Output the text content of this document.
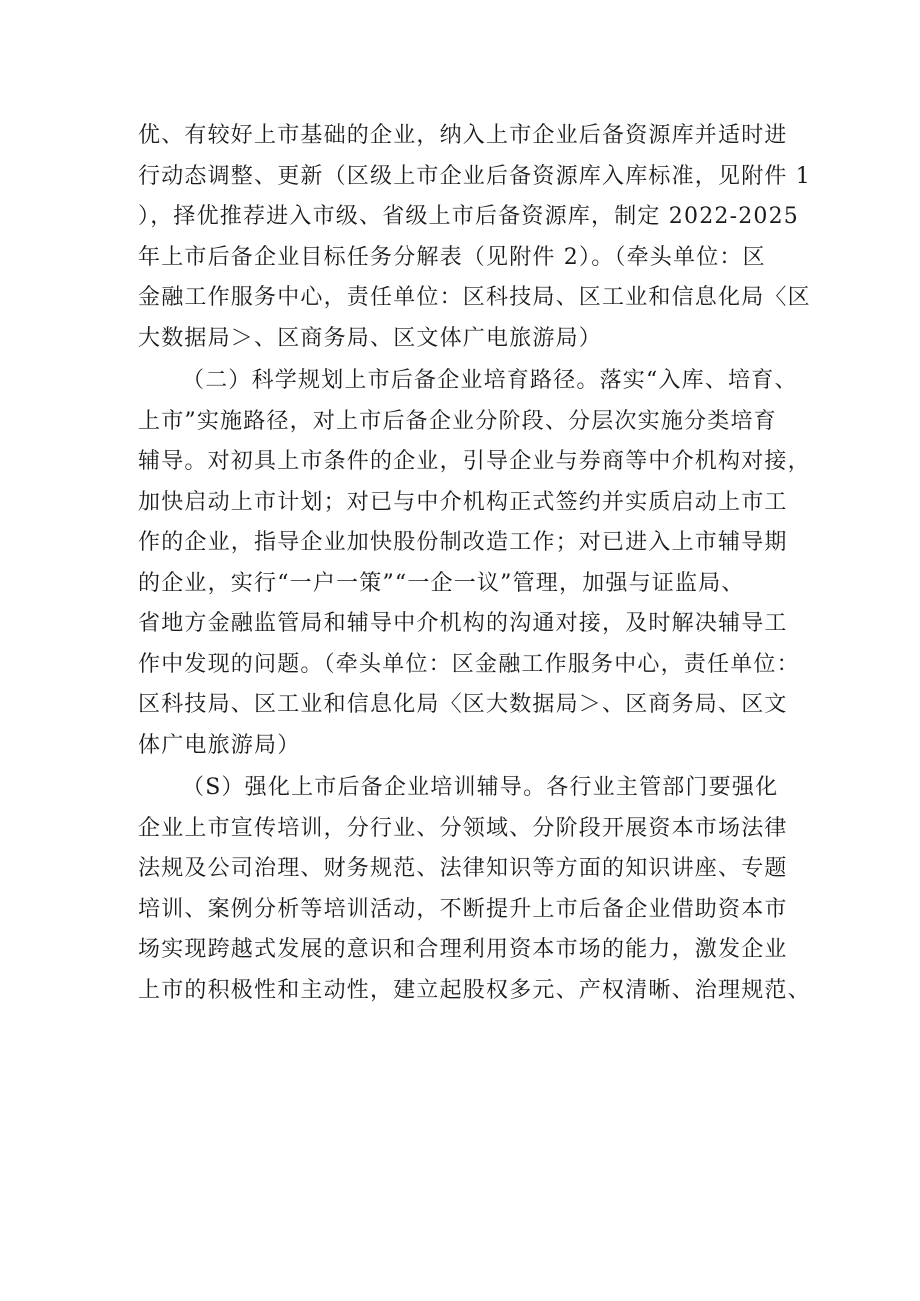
优、有较好上市基础的企业，纳入上市企业后备资源库并适时进
行动态调整、更新（区级上市企业后备资源库入库标准，见附件 1
），择优推荐进入市级、省级上市后备资源库，制定 2022-2025
年上市后备企业目标任务分解表（见附件 2）。（牵头单位：区
金融工作服务中心，责任单位：区科技局、区工业和信息化局〈区
大数据局＞、区商务局、区文体广电旅游局）
（二）科学规划上市后备企业培育路径。落实“入库、培育、
上市”实施路径，对上市后备企业分阶段、分层次实施分类培育
辅导。对初具上市条件的企业，引导企业与券商等中介机构对接，
加快启动上市计划；对已与中介机构正式签约并实质启动上市工
作的企业，指导企业加快股份制改造工作；对已进入上市辅导期
的企业，实行“一户一策”“一企一议”管理，加强与证监局、
省地方金融监管局和辅导中介机构的沟通对接，及时解决辅导工
作中发现的问题。（牵头单位：区金融工作服务中心，责任单位：
区科技局、区工业和信息化局〈区大数据局＞、区商务局、区文
体广电旅游局）
（S）强化上市后备企业培训辅导。各行业主管部门要强化
企业上市宣传培训，分行业、分领域、分阶段开展资本市场法律
法规及公司治理、财务规范、法律知识等方面的知识讲座、专题
培训、案例分析等培训活动，不断提升上市后备企业借助资本市
场实现跨越式发展的意识和合理利用资本市场的能力，激发企业
上市的积极性和主动性，建立起股权多元、产权清晰、治理规范、
